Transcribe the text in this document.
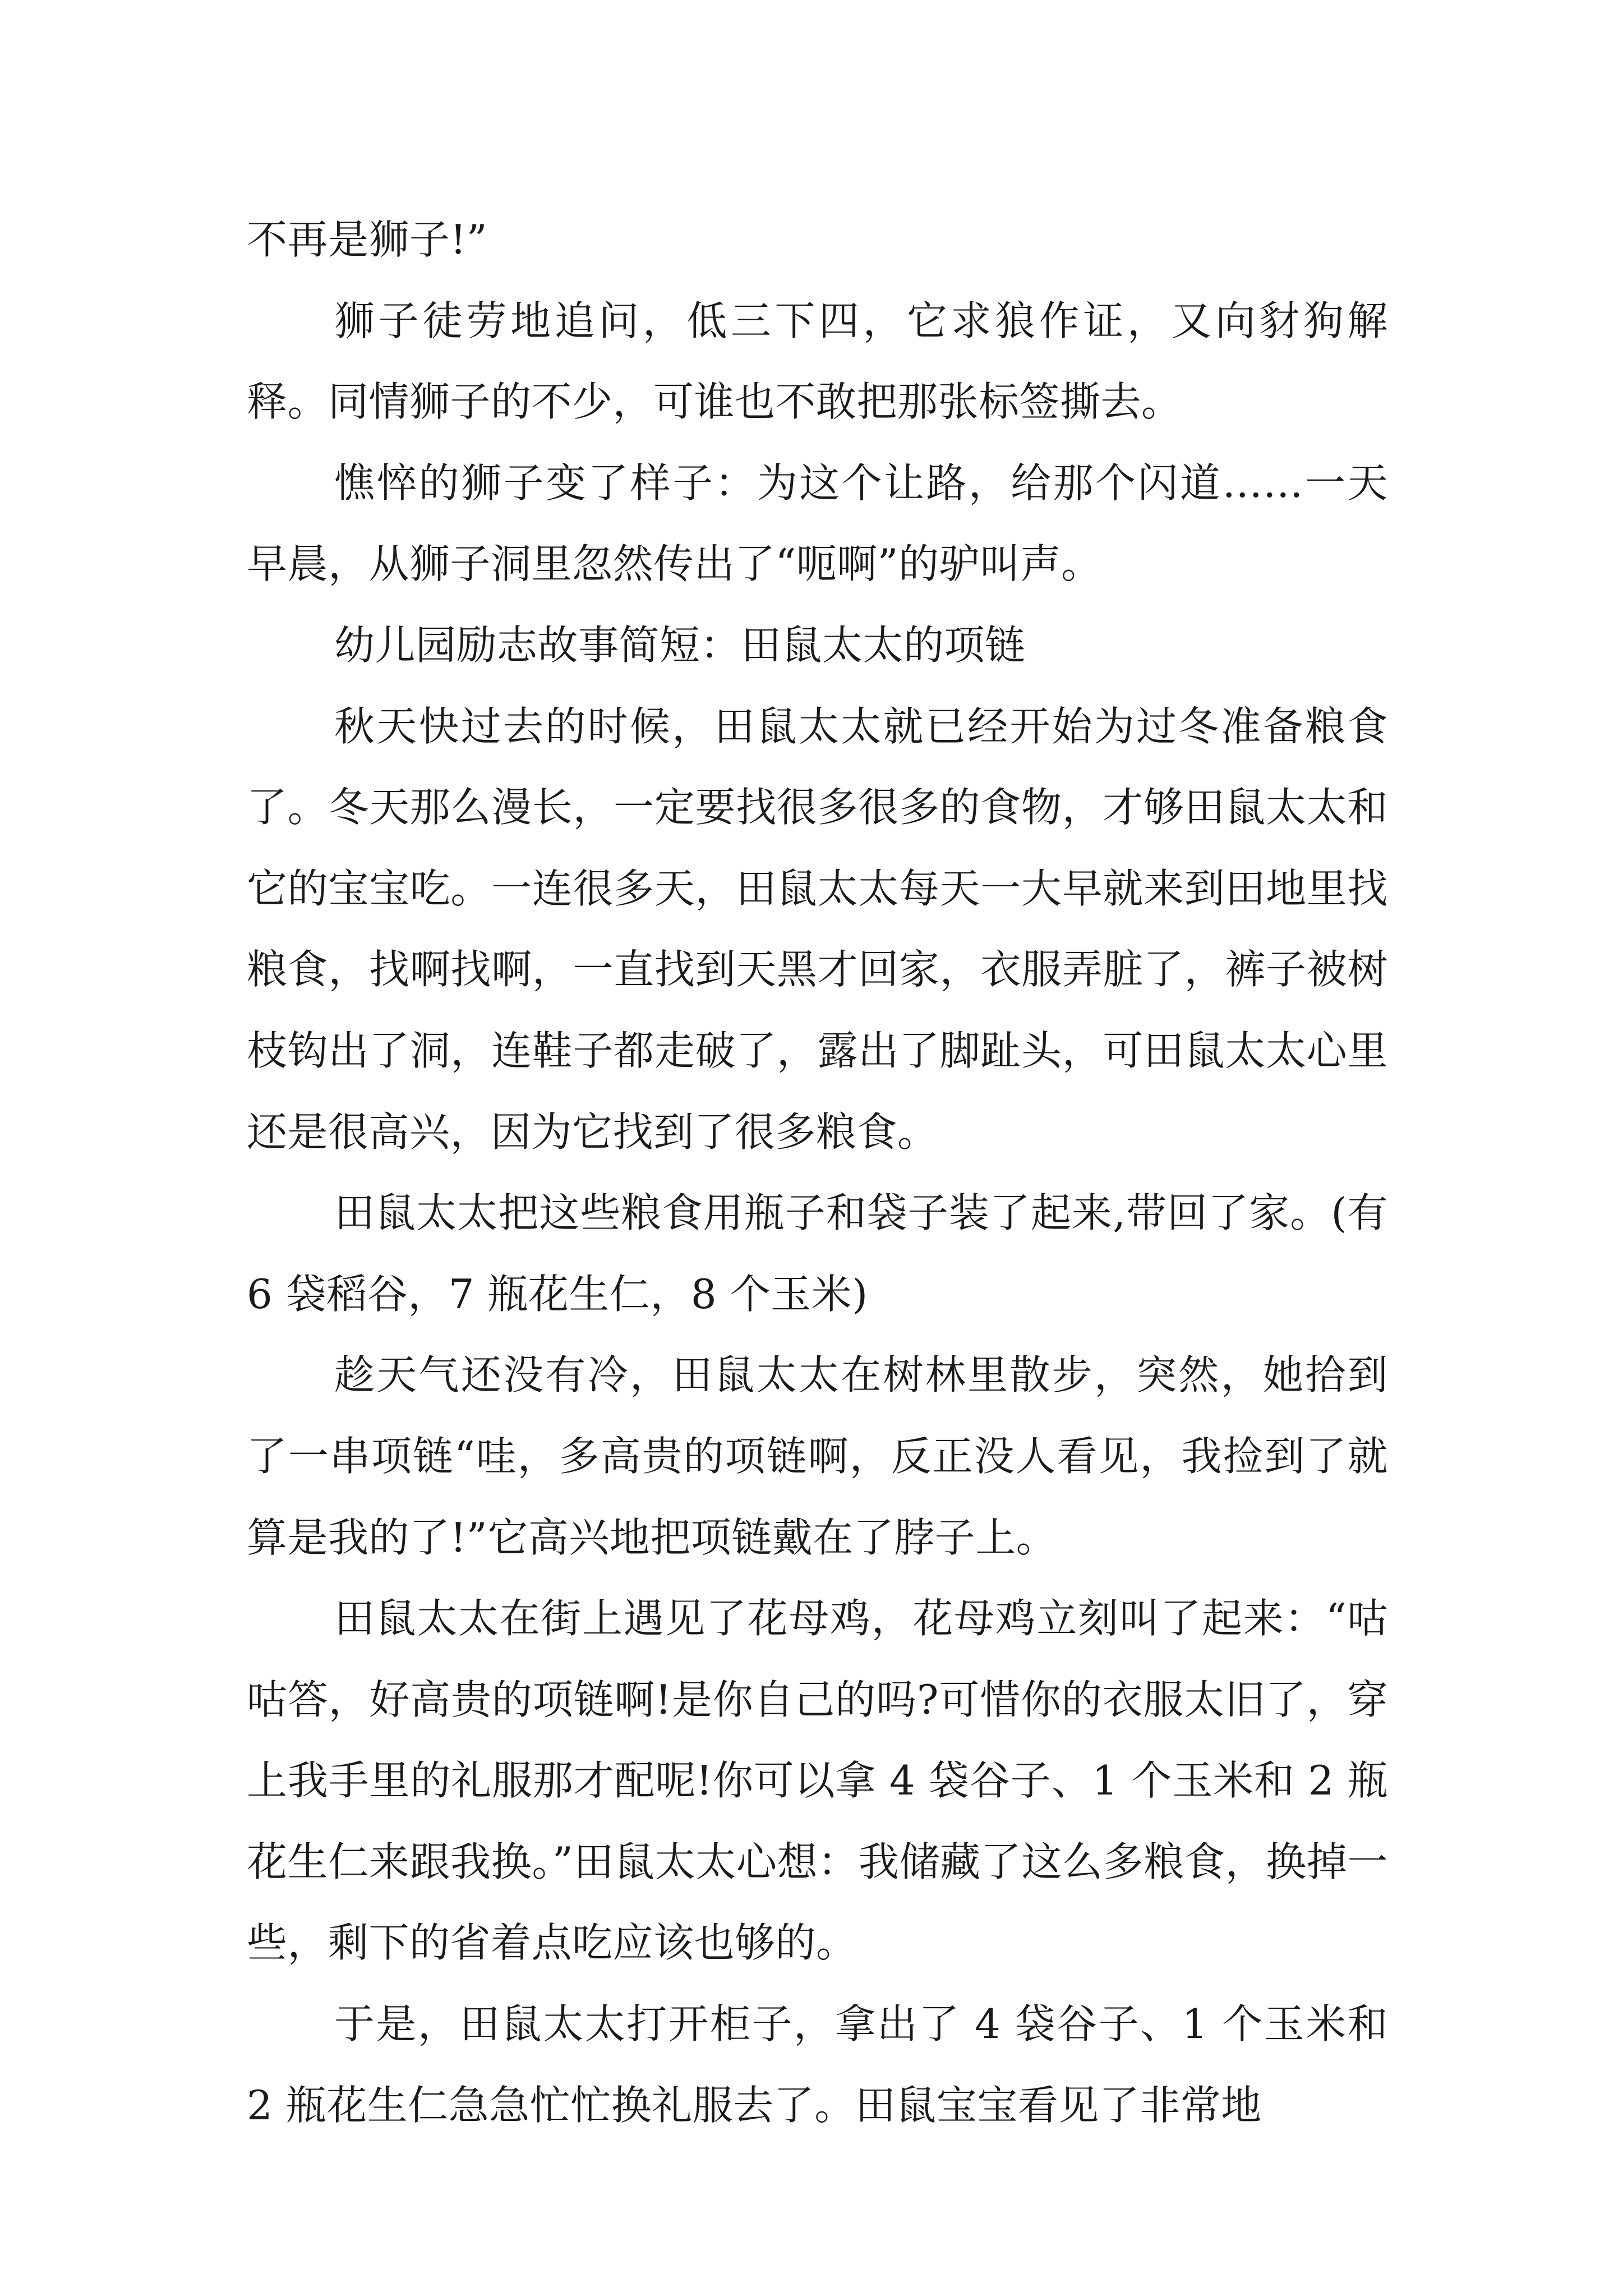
不再是狮子!”

狮子徒劳地追问，低三下四，它求狼作证，又向豺狗解释。同情狮子的不少，可谁也不敢把那张标签撕去。

憔悴的狮子变了样子：为这个让路，给那个闪道……一天早晨，从狮子洞里忽然传出了“呃啊”的驴叫声。

幼儿园励志故事简短：田鼠太太的项链

秋天快过去的时候，田鼠太太就已经开始为过冬准备粮食了。冬天那么漫长，一定要找很多很多的食物，才够田鼠太太和它的宝宝吃。一连很多天，田鼠太太每天一大早就来到田地里找粮食，找啊找啊，一直找到天黑才回家，衣服弄脏了，裤子被树枝钩出了洞，连鞋子都走破了，露出了脚趾头，可田鼠太太心里还是很高兴，因为它找到了很多粮食。

田鼠太太把这些粮食用瓶子和袋子装了起来,带回了家。(有 6 袋稻谷，7 瓶花生仁，8 个玉米)

趁天气还没有冷，田鼠太太在树林里散步，突然，她拾到了一串项链“哇，多高贵的项链啊，反正没人看见，我捡到了就算是我的了!”它高兴地把项链戴在了脖子上。

田鼠太太在街上遇见了花母鸡，花母鸡立刻叫了起来：“咕咕答，好高贵的项链啊!是你自己的吗?可惜你的衣服太旧了，穿上我手里的礼服那才配呢!你可以拿 4 袋谷子、1 个玉米和 2 瓶花生仁来跟我换。”田鼠太太心想：我储藏了这么多粮食，换掉一些，剩下的省着点吃应该也够的。

于是，田鼠太太打开柜子，拿出了 4 袋谷子、1 个玉米和 2 瓶花生仁急急忙忙换礼服去了。田鼠宝宝看见了非常地
